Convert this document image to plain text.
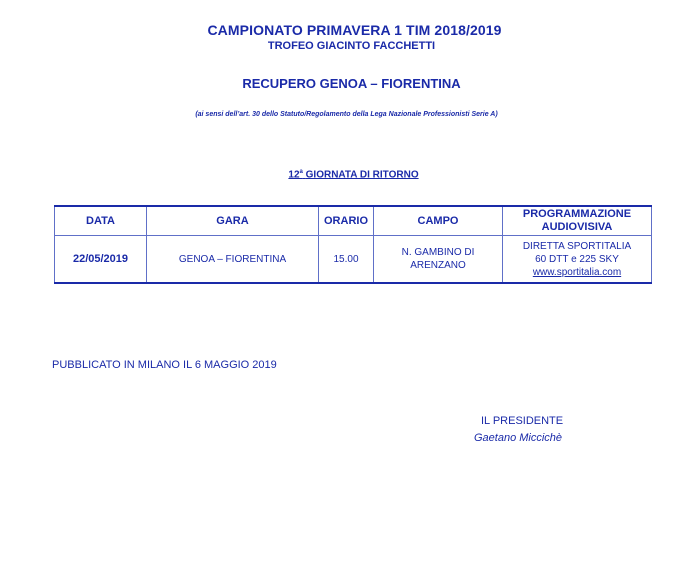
CAMPIONATO PRIMAVERA 1 TIM 2018/2019
TROFEO GIACINTO FACCHETTI
RECUPERO GENOA – FIORENTINA
(ai sensi dell’art. 30 dello Statuto/Regolamento della Lega Nazionale Professionisti Serie A)
12$^a$ GIORNATA DI RITORNO
DATA	GARA	ORARIO	CAMPO	PROGRAMMAZIONE AUDIOVISIVA
22/05/2019	GENOA – FIORENTINA	15.00	N. GAMBINO DI ARENZANO	DIRETTA SPORTITALIA
60 DTT e 225 SKY
www.sportitalia.com
PUBBLICATO IN MILANO IL 6 MAGGIO 2019
IL PRESIDENTE
Gaetano Miccichè
